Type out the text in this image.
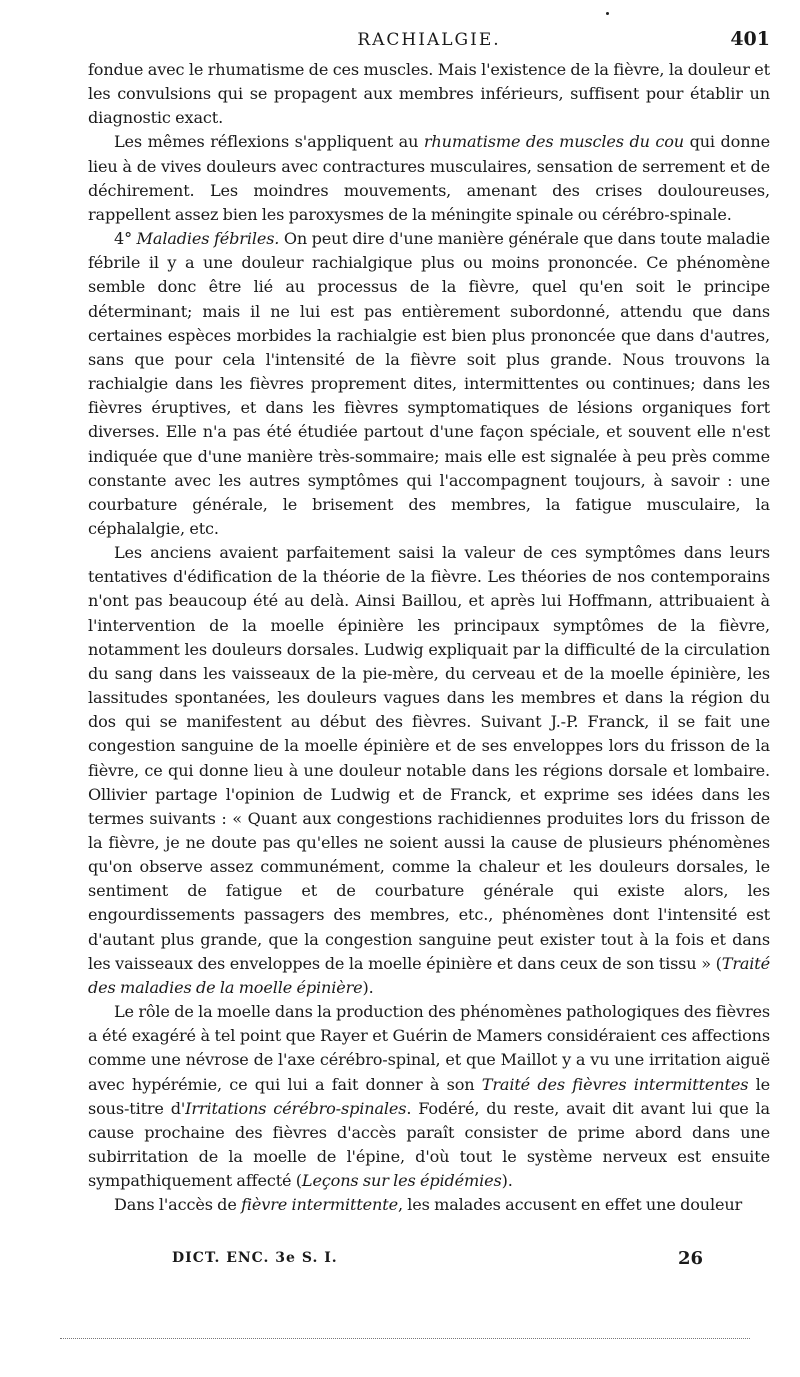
RACHIALGIE.	401

fondue avec le rhumatisme de ces muscles. Mais l'existence de la fièvre, la douleur et les convulsions qui se propagent aux membres inférieurs, suffisent pour établir un diagnostic exact.

Les mêmes réflexions s'appliquent au rhumatisme des muscles du cou qui donne lieu à de vives douleurs avec contractures musculaires, sensation de serrement et de déchirement. Les moindres mouvements, amenant des crises douloureuses, rappellent assez bien les paroxysmes de la méningite spinale ou cérébro-spinale.

4° Maladies fébriles. On peut dire d'une manière générale que dans toute maladie fébrile il y a une douleur rachialgique plus ou moins prononcée. Ce phénomène semble donc être lié au processus de la fièvre, quel qu'en soit le principe déterminant; mais il ne lui est pas entièrement subordonné, attendu que dans certaines espèces morbides la rachialgie est bien plus prononcée que dans d'autres, sans que pour cela l'intensité de la fièvre soit plus grande. Nous trouvons la rachialgie dans les fièvres proprement dites, intermittentes ou continues; dans les fièvres éruptives, et dans les fièvres symptomatiques de lésions organiques fort diverses. Elle n'a pas été étudiée partout d'une façon spéciale, et souvent elle n'est indiquée que d'une manière très-sommaire; mais elle est signalée à peu près comme constante avec les autres symptômes qui l'accompagnent toujours, à savoir : une courbature générale, le brisement des membres, la fatigue musculaire, la céphalalgie, etc.

Les anciens avaient parfaitement saisi la valeur de ces symptômes dans leurs tentatives d'édification de la théorie de la fièvre. Les théories de nos contemporains n'ont pas beaucoup été au delà. Ainsi Baillou, et après lui Hoffmann, attribuaient à l'intervention de la moelle épinière les principaux symptômes de la fièvre, notamment les douleurs dorsales. Ludwig expliquait par la difficulté de la circulation du sang dans les vaisseaux de la pie-mère, du cerveau et de la moelle épinière, les lassitudes spontanées, les douleurs vagues dans les membres et dans la région du dos qui se manifestent au début des fièvres. Suivant J.-P. Franck, il se fait une congestion sanguine de la moelle épinière et de ses enveloppes lors du frisson de la fièvre, ce qui donne lieu à une douleur notable dans les régions dorsale et lombaire. Ollivier partage l'opinion de Ludwig et de Franck, et exprime ses idées dans les termes suivants : « Quant aux congestions rachidiennes produites lors du frisson de la fièvre, je ne doute pas qu'elles ne soient aussi la cause de plusieurs phénomènes qu'on observe assez communément, comme la chaleur et les douleurs dorsales, le sentiment de fatigue et de courbature générale qui existe alors, les engourdissements passagers des membres, etc., phénomènes dont l'intensité est d'autant plus grande, que la congestion sanguine peut exister tout à la fois et dans les vaisseaux des enveloppes de la moelle épinière et dans ceux de son tissu » (Traité des maladies de la moelle épinière).

Le rôle de la moelle dans la production des phénomènes pathologiques des fièvres a été exagéré à tel point que Rayer et Guérin de Mamers considéraient ces affections comme une névrose de l'axe cérébro-spinal, et que Maillot y a vu une irritation aiguë avec hypérémie, ce qui lui a fait donner à son Traité des fièvres intermittentes le sous-titre d'Irritations cérébro-spinales. Fodéré, du reste, avait dit avant lui que la cause prochaine des fièvres d'accès paraît consister de prime abord dans une subirritation de la moelle de l'épine, d'où tout le système nerveux est ensuite sympathiquement affecté (Leçons sur les épidémies).

Dans l'accès de fièvre intermittente, les malades accusent en effet une douleur

DICT. ENC. 3e S. I.	26
